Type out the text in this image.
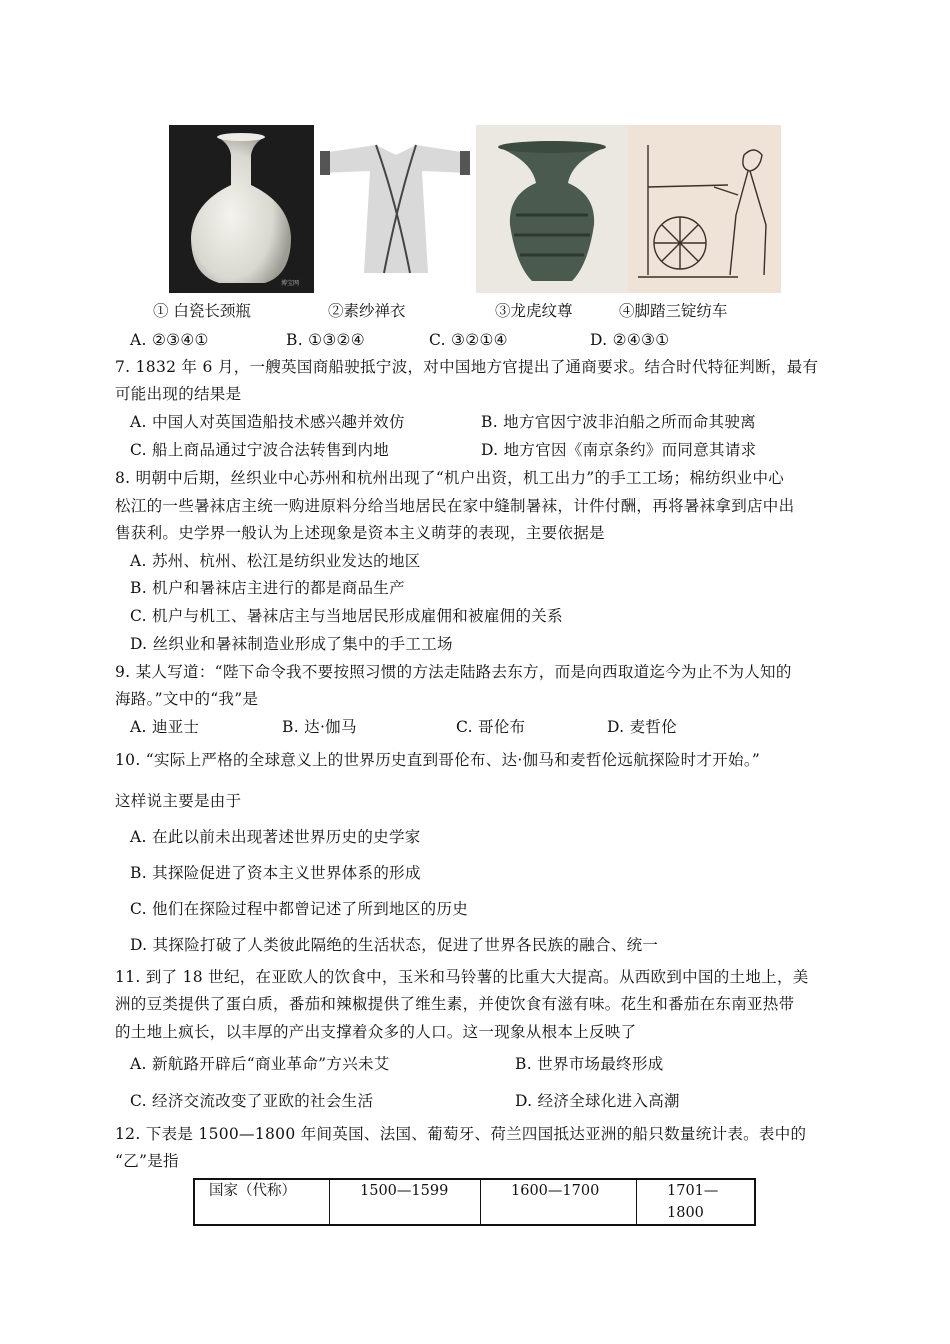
博宝网
① 白瓷长颈瓶	②素纱禅衣	③龙虎纹尊	④脚踏三锭纺车
A. ②③④①	B. ①③②④	C. ③②①④	D. ②④③①
7. 1832 年 6 月，一艘英国商船驶抵宁波，对中国地方官提出了通商要求。结合时代特征判断，最有
可能出现的结果是
A. 中国人对英国造船技术感兴趣并效仿	B. 地方官因宁波非泊船之所而命其驶离
C. 船上商品通过宁波合法转售到内地	D. 地方官因《南京条约》而同意其请求
8. 明朝中后期，丝织业中心苏州和杭州出现了“机户出资，机工出力”的手工工场；棉纺织业中心
松江的一些暑袜店主统一购进原料分给当地居民在家中缝制暑袜，计件付酬，再将暑袜拿到店中出
售获利。史学界一般认为上述现象是资本主义萌芽的表现，主要依据是
A. 苏州、杭州、松江是纺织业发达的地区
B. 机户和暑袜店主进行的都是商品生产
C. 机户与机工、暑袜店主与当地居民形成雇佣和被雇佣的关系
D. 丝织业和暑袜制造业形成了集中的手工工场
9. 某人写道：“陛下命令我不要按照习惯的方法走陆路去东方，而是向西取道迄今为止不为人知的
海路。”文中的“我”是
A. 迪亚士	B. 达·伽马	C. 哥伦布	D. 麦哲伦
10. “实际上严格的全球意义上的世界历史直到哥伦布、达·伽马和麦哲伦远航探险时才开始。”
这样说主要是由于
A. 在此以前未出现著述世界历史的史学家
B. 其探险促进了资本主义世界体系的形成
C. 他们在探险过程中都曾记述了所到地区的历史
D. 其探险打破了人类彼此隔绝的生活状态，促进了世界各民族的融合、统一
11. 到了 18 世纪，在亚欧人的饮食中，玉米和马铃薯的比重大大提高。从西欧到中国的土地上，美
洲的豆类提供了蛋白质，番茄和辣椒提供了维生素，并使饮食有滋有味。花生和番茄在东南亚热带
的土地上疯长，以丰厚的产出支撑着众多的人口。这一现象从根本上反映了
A. 新航路开辟后“商业革命”方兴未艾	B. 世界市场最终形成
C. 经济交流改变了亚欧的社会生活	D. 经济全球化进入高潮
12. 下表是 1500—1800 年间英国、法国、葡萄牙、荷兰四国抵达亚洲的船只数量统计表。表中的
“乙”是指
国家（代称）	1500—1599	1600—1700	1701—1800
